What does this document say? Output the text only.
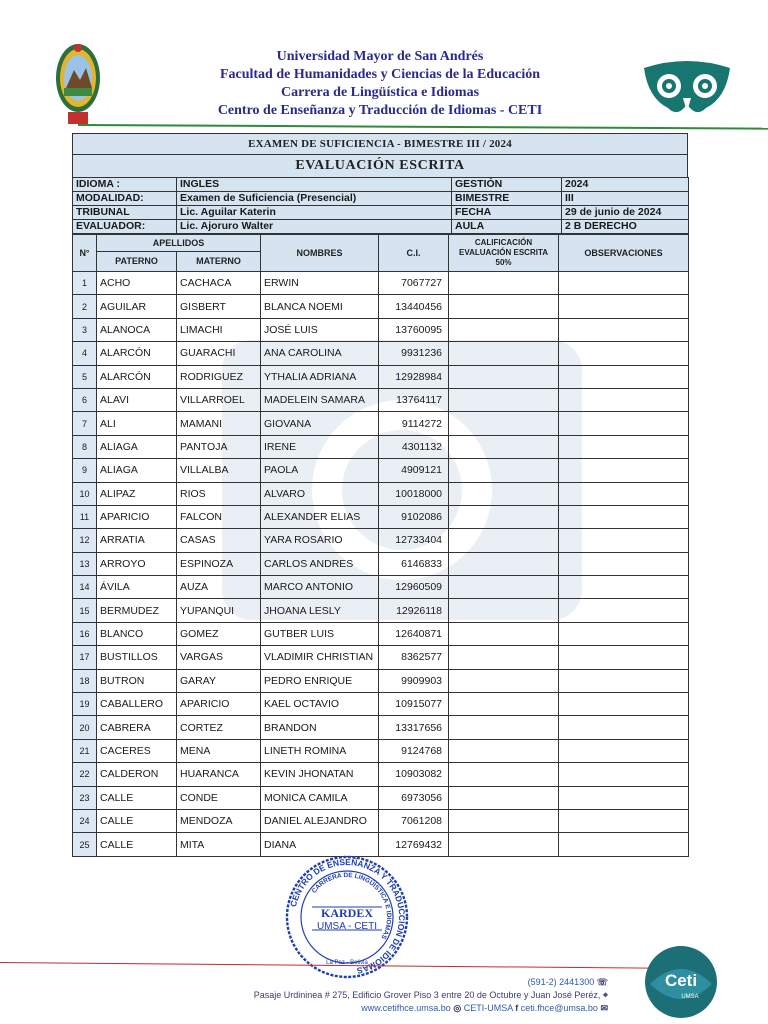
Universidad Mayor de San Andrés
Facultad de Humanidades y Ciencias de la Educación
Carrera de Lingüística e Idiomas
Centro de Enseñanza y Traducción de Idiomas - CETI
EXAMEN DE SUFICIENCIA - BIMESTRE III / 2024
EVALUACIÓN ESCRITA
IDIOMA :	INGLES	GESTIÓN	2024
MODALIDAD:	Examen de Suficiencia (Presencial)	BIMESTRE	III
TRIBUNAL	Lic. Aguilar Katerin	FECHA	29 de junio de 2024
EVALUADOR:	Lic. Ajoruro Walter	AULA	2 B DERECHO
N°	APELLIDOS		NOMBRES	C.I.	CALIFICACIÓN EVALUACIÓN ESCRITA 50%	OBSERVACIONES
	PATERNO	MATERNO				
1	ACHO	CACHACA	ERWIN	7067727		
2	AGUILAR	GISBERT	BLANCA NOEMI	13440456		
3	ALANOCA	LIMACHI	JOSÉ LUIS	13760095		
4	ALARCÓN	GUARACHI	ANA CAROLINA	9931236		
5	ALARCÓN	RODRIGUEZ	YTHALIA ADRIANA	12928984		
6	ALAVI	VILLARROEL	MADELEIN SAMARA	13764117		
7	ALI	MAMANI	GIOVANA	9114272		
8	ALIAGA	PANTOJA	IRENE	4301132		
9	ALIAGA	VILLALBA	PAOLA	4909121		
10	ALIPAZ	RIOS	ALVARO	10018000		
11	APARICIO	FALCON	ALEXANDER ELIAS	9102086		
12	ARRATIA	CASAS	YARA ROSARIO	12733404		
13	ARROYO	ESPINOZA	CARLOS ANDRES	6146833		
14	ÁVILA	AUZA	MARCO ANTONIO	12960509		
15	BERMUDEZ	YUPANQUI	JHOANA LESLY	12926118		
16	BLANCO	GOMEZ	GUTBER LUIS	12640871		
17	BUSTILLOS	VARGAS	VLADIMIR CHRISTIAN	8362577		
18	BUTRON	GARAY	PEDRO ENRIQUE	9909903		
19	CABALLERO	APARICIO	KAEL OCTAVIO	10915077		
20	CABRERA	CORTEZ	BRANDON	13317656		
21	CACERES	MENA	LINETH ROMINA	9124768		
22	CALDERON	HUARANCA	KEVIN JHONATAN	10903082		
23	CALLE	CONDE	MONICA CAMILA	6973056		
24	CALLE	MENDOZA	DANIEL ALEJANDRO	7061208		
25	CALLE	MITA	DIANA	12769432		
CENTRO DE ENSEÑANZA Y TRADUCCIÓN DE IDIOMAS
CARRERA DE LINGÜÍSTICA E IDIOMAS
KARDEX
UMSA - CETI
La Paz - Bolivia
(591-2) 2441300 ☏
Pasaje Urdininea # 275, Edificio Grover Piso 3 entre 20 de Octubre y Juan José Peréz, ⌖
www.cetifhce.umsa.bo ◎ CETI-UMSA f ceti.fhce@umsa.bo ✉
Ceti
UMSA
